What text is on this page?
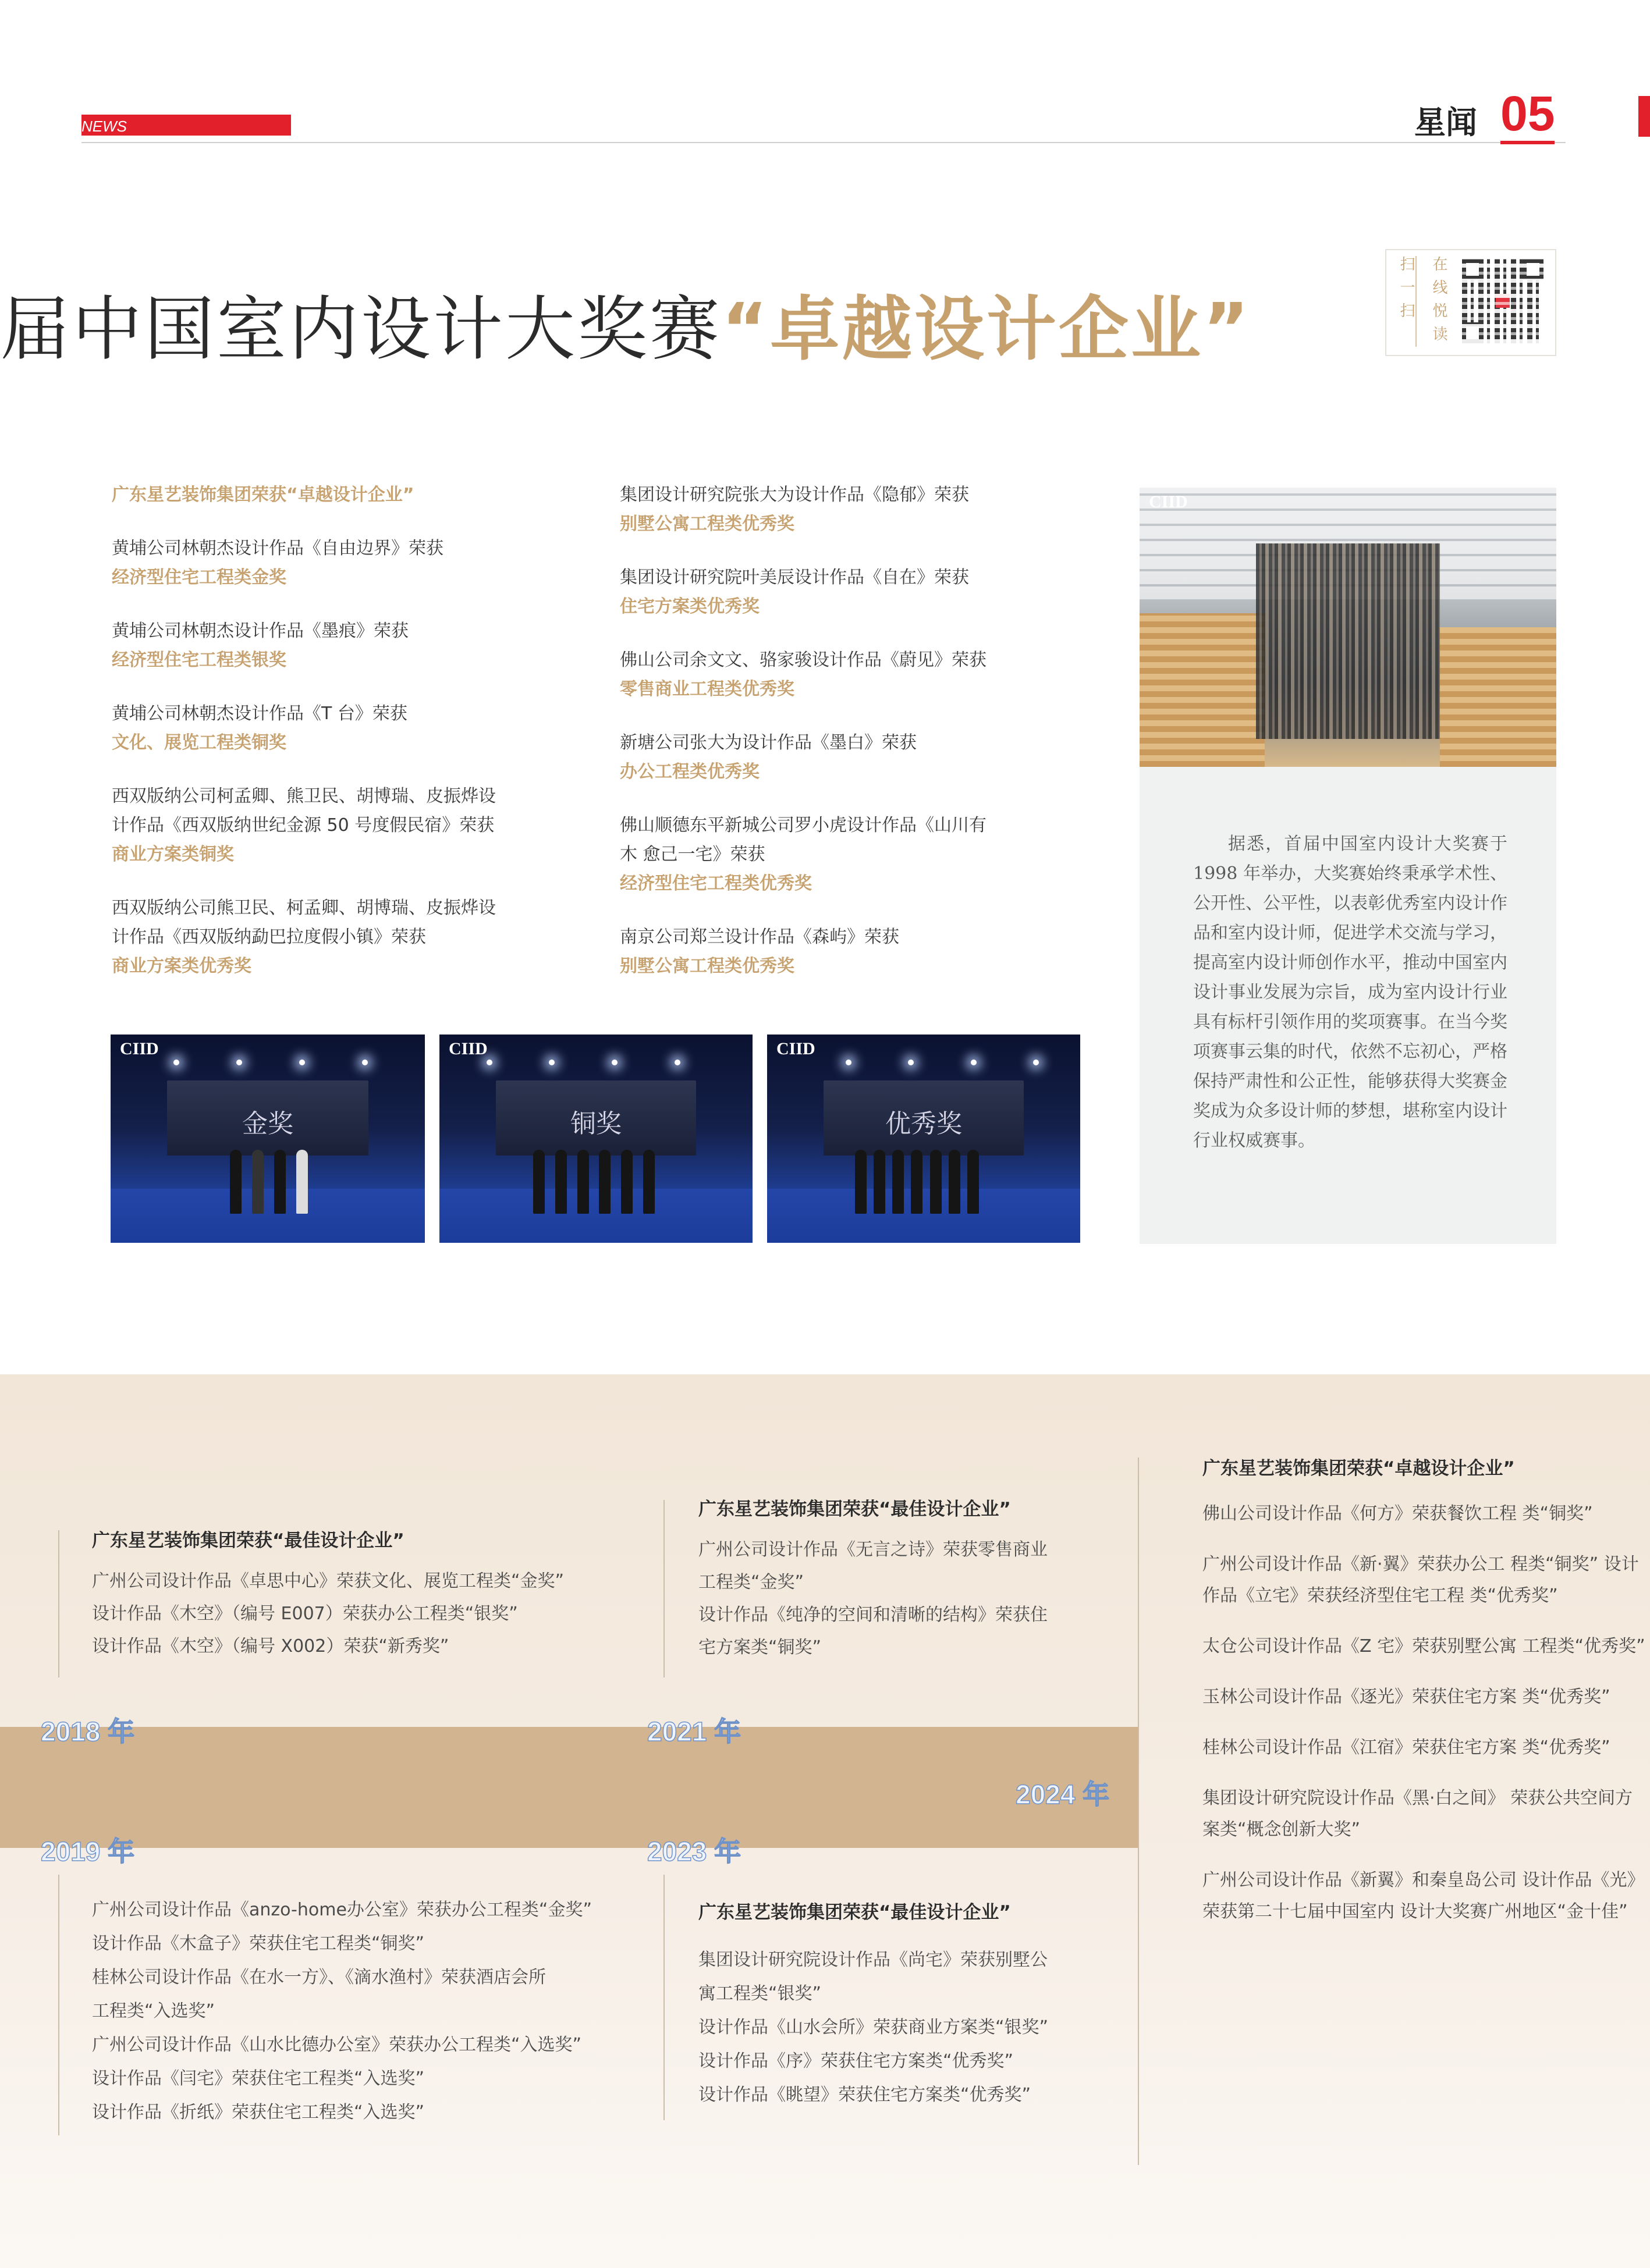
NEWS	星闻 05
届中国室内设计大奖赛“卓越设计企业”	扫一扫 在线悦读
广东星艺装饰集团荣获“卓越设计企业”
黄埔公司林朝杰设计作品《自由边界》荣获
经济型住宅工程类金奖
黄埔公司林朝杰设计作品《墨痕》荣获
经济型住宅工程类银奖
黄埔公司林朝杰设计作品《T 台》荣获
文化、展览工程类铜奖
西双版纳公司柯孟卿、熊卫民、胡博瑞、皮振烨设
计作品《西双版纳世纪金源 50 号度假民宿》荣获
商业方案类铜奖
西双版纳公司熊卫民、柯孟卿、胡博瑞、皮振烨设
计作品《西双版纳勐巴拉度假小镇》荣获
商业方案类优秀奖
集团设计研究院张大为设计作品《隐郁》荣获
别墅公寓工程类优秀奖
集团设计研究院叶美辰设计作品《自在》荣获
住宅方案类优秀奖
佛山公司余文文、骆家骏设计作品《蔚见》荣获
零售商业工程类优秀奖
新塘公司张大为设计作品《墨白》荣获
办公工程类优秀奖
佛山顺德东平新城公司罗小虎设计作品《山川有
木 愈己一宅》荣获
经济型住宅工程类优秀奖
南京公司郑兰设计作品《森屿》荣获
别墅公寓工程类优秀奖
CIID
据悉，首届中国室内设计大奖赛于 1998 年举办，大奖赛始终秉承学术性、公开性、公平性，以表彰优秀室内设计作品和室内设计师，促进学术交流与学习，提高室内设计师创作水平，推动中国室内设计事业发展为宗旨，成为室内设计行业具有标杆引领作用的奖项赛事。在当今奖项赛事云集的时代，依然不忘初心，严格保持严肃性和公正性，能够获得大奖赛金奖成为众多设计师的梦想，堪称室内设计行业权威赛事。
金奖
CIID
铜奖
CIID
优秀奖
CIID
2018 年
2019 年
2021 年
2023 年
2024 年
广东星艺装饰集团荣获“最佳设计企业”
广州公司设计作品《卓思中心》荣获文化、展览工程类“金奖”
设计作品《木空》（编号 E007）荣获办公工程类“银奖”
设计作品《木空》（编号 X002）荣获“新秀奖”
广州公司设计作品《anzo-home办公室》荣获办公工程类“金奖”
设计作品《木盒子》荣获住宅工程类“铜奖”
桂林公司设计作品《在水一方》、《滴水渔村》荣获酒店会所
工程类“入选奖”
广州公司设计作品《山水比德办公室》荣获办公工程类“入选奖”
设计作品《闫宅》荣获住宅工程类“入选奖”
设计作品《折纸》荣获住宅工程类“入选奖”
广东星艺装饰集团荣获“最佳设计企业”
广州公司设计作品《无言之诗》荣获零售商业
工程类“金奖”
设计作品《纯净的空间和清晰的结构》荣获住
宅方案类“铜奖”
广东星艺装饰集团荣获“最佳设计企业”
集团设计研究院设计作品《尚宅》荣获别墅公
寓工程类“银奖”
设计作品《山水会所》荣获商业方案类“银奖”
设计作品《序》荣获住宅方案类“优秀奖”
设计作品《眺望》荣获住宅方案类“优秀奖”
广东星艺装饰集团荣获“卓越设计企业”
佛山公司设计作品《何方》荣获餐饮工程 类“铜奖”
广州公司设计作品《新·翼》荣获办公工 程类“铜奖” 设计作品《立宅》荣获经济型住宅工程 类“优秀奖”
太仓公司设计作品《Z 宅》荣获别墅公寓 工程类“优秀奖”
玉林公司设计作品《逐光》荣获住宅方案 类“优秀奖”
桂林公司设计作品《江宿》荣获住宅方案 类“优秀奖”
集团设计研究院设计作品《黑·白之间》 荣获公共空间方案类“概念创新大奖”
广州公司设计作品《新翼》和秦皇岛公司 设计作品《光》荣获第二十七届中国室内 设计大奖赛广州地区“金十佳”
